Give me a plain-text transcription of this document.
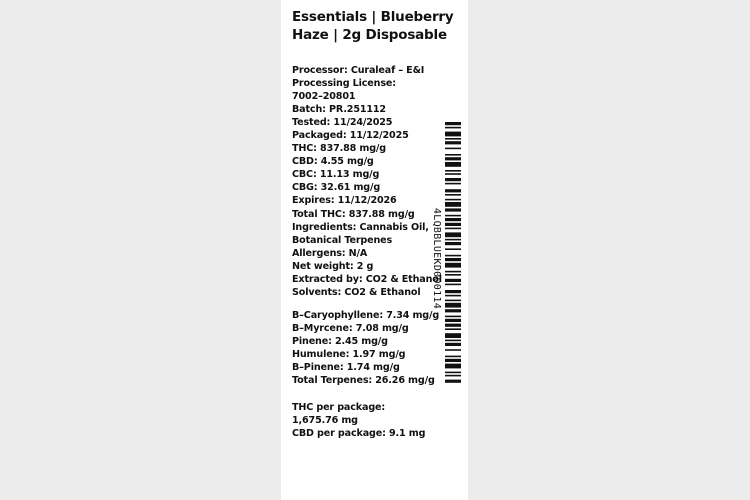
Essentials | Blueberry Haze | 2g Disposable
Processor: Curaleaf – E&I
Processing License:
7002–20801
Batch: PR.251112
Tested: 11/24/2025
Packaged: 11/12/2025
THC: 837.88 mg/g
CBD: 4.55 mg/g
CBC: 11.13 mg/g
CBG: 32.61 mg/g
Expires: 11/12/2026
Total THC: 837.88 mg/g
Ingredients: Cannabis Oil,
Botanical Terpenes
Allergens: N/A
Net weight: 2 g
Extracted by: CO2 & Ethanol
Solvents: CO2 & Ethanol
B–Caryophyllene: 7.34 mg/g
B–Myrcene: 7.08 mg/g
Pinene: 2.45 mg/g
Humulene: 1.97 mg/g
B–Pinene: 1.74 mg/g
Total Terpenes: 26.26 mg/g
THC per package: 1,675.76 mg
CBD per package: 9.1 mg
4LQBBLUEKD000114
